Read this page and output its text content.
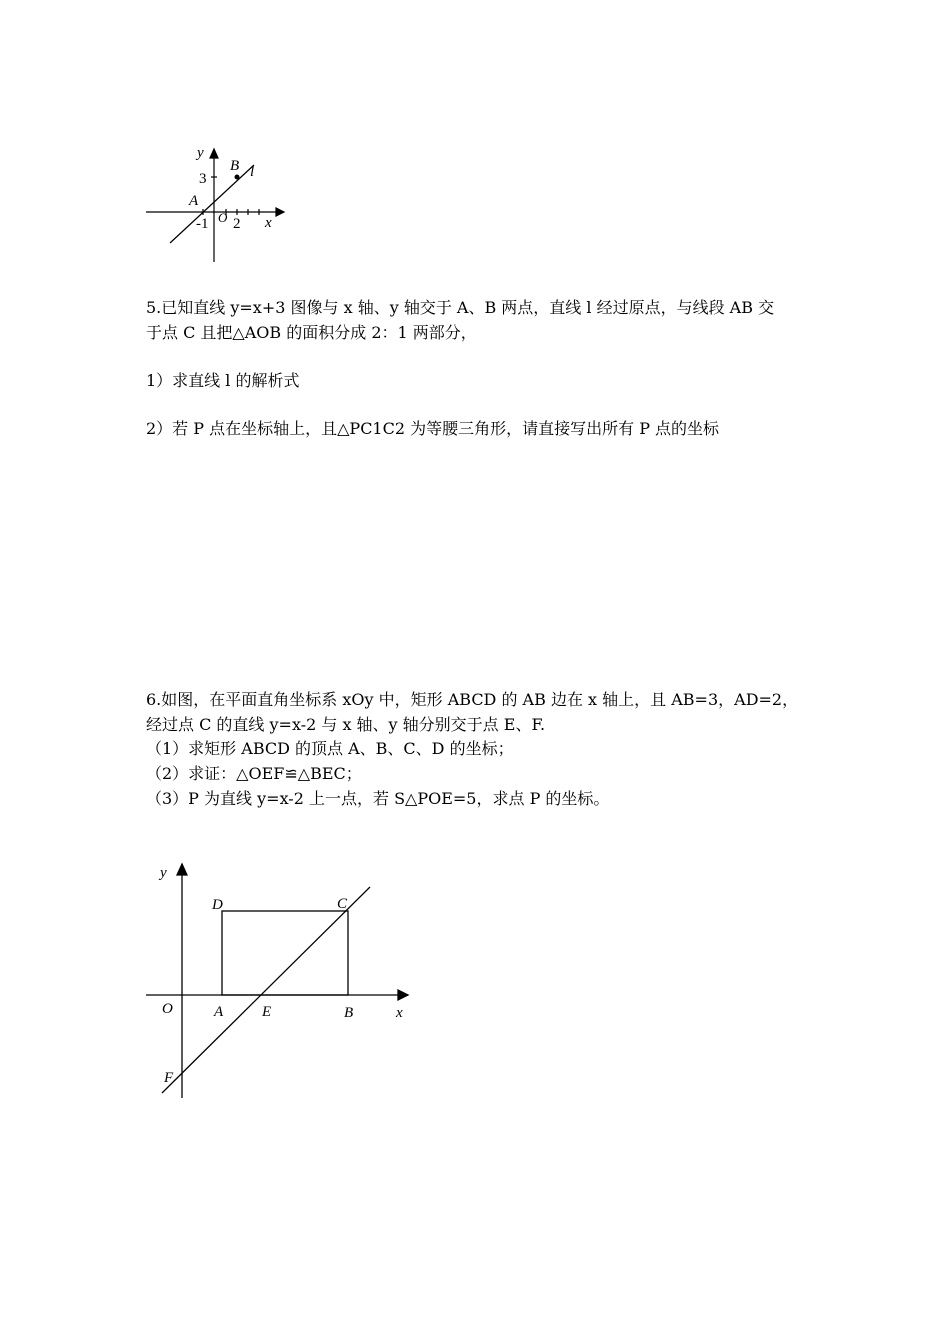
y
x
3
B l
A
-1 O 2
y
D	C
O	A	E	B	x
F
5.已知直线 y=x+3 图像与 x 轴、y 轴交于 A、B 两点，直线 l 经过原点，与线段 AB 交
于点 C 且把△AOB 的面积分成 2：1 两部分，
1）求直线 l 的解析式
2）若 P 点在坐标轴上，且△PC1C2 为等腰三角形，请直接写出所有 P 点的坐标
6.如图，在平面直角坐标系 xOy 中，矩形 ABCD 的 AB 边在 x 轴上，且 AB=3，AD=2，
经过点 C 的直线 y=x-2 与 x 轴、y 轴分别交于点 E、F.
（1）求矩形 ABCD 的顶点 A、B、C、D 的坐标；
（2）求证：△OEF≌△BEC；
（3）P 为直线 y=x-2 上一点，若 S△POE=5，求点 P 的坐标。
